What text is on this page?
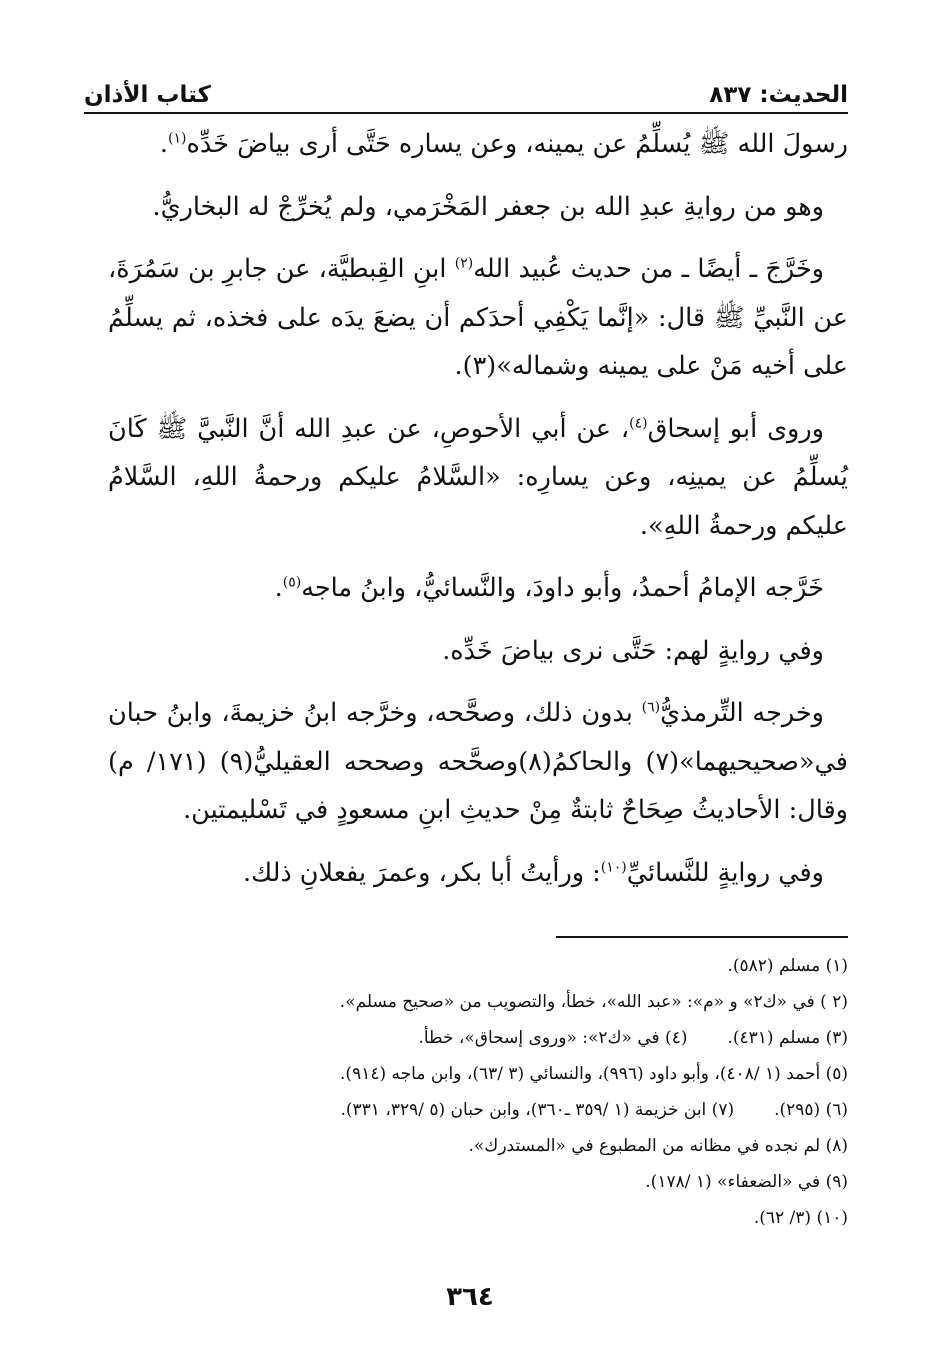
الحديث: ٨٣٧
كتاب الأذان

رسولَ الله ﷺ يُسلِّمُ عن يمينه، وعن يساره حَتَّى أرى بياضَ خَدِّه$^{(١)}$.

وهو من روايةِ عبدِ الله بن جعفر المَخْرَمي، ولم يُخرِّجْ له البخاريُّ.

وخَرَّجَ ـ أيضًا ـ من حديث عُبيد الله$^{(٢)}$ ابنِ القِبطيَّة، عن جابرِ بن سَمُرَةَ، عن النَّبيِّ ﷺ قال: «إنَّما يَكْفِي أحدَكم أن يضعَ يدَه على فخذه، ثم يسلِّمُ على أخيه مَنْ على يمينه وشماله»(٣).

وروى أبو إسحاق$^{(٤)}$، عن أبي الأحوصِ، عن عبدِ الله أنَّ النَّبيَّ ﷺ كَانَ يُسلِّمُ عن يمينِه، وعن يسارِه: «السَّلامُ عليكم ورحمةُ اللهِ، السَّلامُ عليكم ورحمةُ اللهِ».

خَرَّجه الإمامُ أحمدُ، وأبو داودَ، والنَّسائيُّ، وابنُ ماجه$^{(٥)}$.

وفي روايةٍ لهم: حَتَّى نرى بياضَ خَدِّه.

وخرجه التِّرمذيُّ$^{(٦)}$ بدون ذلك، وصحَّحه، وخرَّجه ابنُ خزيمةَ، وابنُ حبان في«صحيحيهما»(٧) والحاكمُ(٨)وصحَّحه وصححه العقيليُّ(٩) (١٧١/ م) وقال: الأحاديثُ صِحَاحٌ ثابتةٌ مِنْ حديثِ ابنِ مسعودٍ في تَسْليمتين.

وفي روايةٍ للنَّسائيِّ$^{(١٠)}$: ورأيتُ أبا بكر، وعمرَ يفعلانِ ذلك.

(١) مسلم (٥٨٢).
(٢ ) في «ك٢» و «م»: «عبد الله»، خطأ، والتصويب من «صحيح مسلم».
(٣) مسلم (٤٣١).(٤) في «ك٢»: «وروى إسحاق»، خطأ.
(٥) أحمد (١ /٤٠٨)، وأبو داود (٩٩٦)، والنسائي (٣ /٦٣)، وابن ماجه (٩١٤).
(٦) (٢٩٥).(٧) ابن خزيمة (١ /٣٥٩ ـ٣٦٠)، وابن حبان (٥ /٣٢٩، ٣٣١).
(٨) لم نجده في مظانه من المطبوع في «المستدرك».
(٩) في «الضعفاء» (١ /١٧٨).
(١٠) (٣/ ٦٢).
٣٦٤
